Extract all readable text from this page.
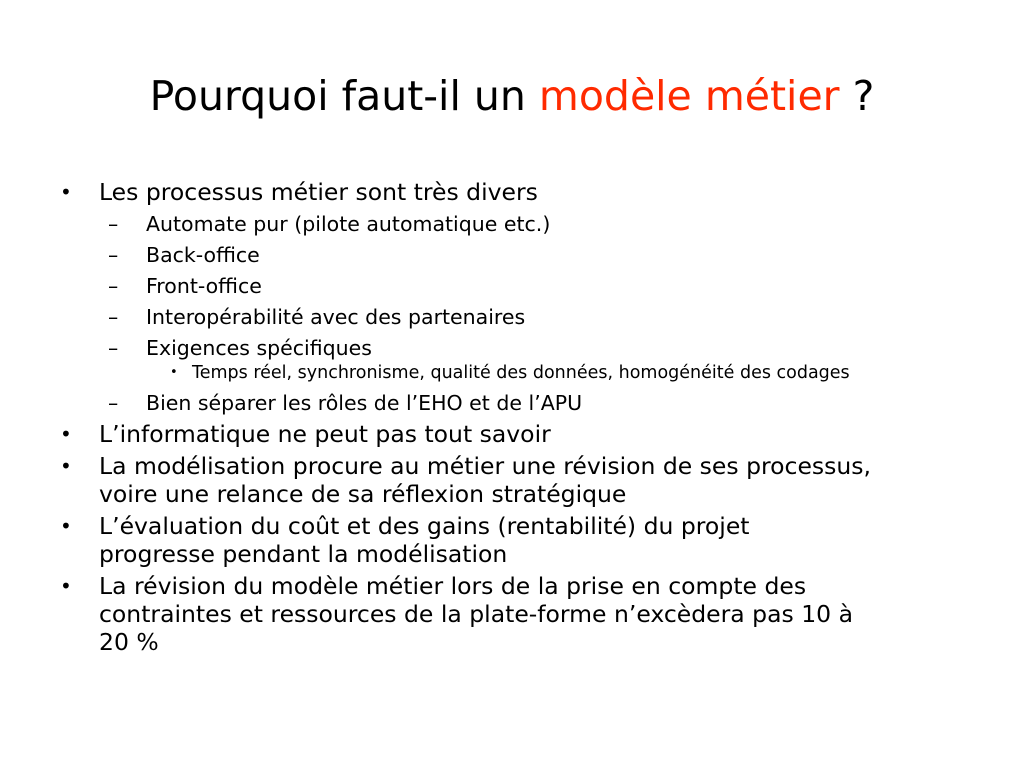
Pourquoi faut-il un modèle métier ?
•	Les processus métier sont très divers
–	Automate pur (pilote automatique etc.)
–	Back-office
–	Front-office
–	Interopérabilité avec des partenaires
–	Exigences spécifiques
• Temps réel, synchronisme, qualité des données, homogénéité des codages
–	Bien séparer les rôles de l’EHO et de l’APU
•	L’informatique ne peut pas tout savoir
•	La modélisation procure au métier une révision de ses processus,
voire une relance de sa réflexion stratégique
•	L’évaluation du coût et des gains (rentabilité) du projet
progresse pendant la modélisation
•	La révision du modèle métier lors de la prise en compte des
contraintes et ressources de la plate-forme n’excèdera pas 10 à
20 %
